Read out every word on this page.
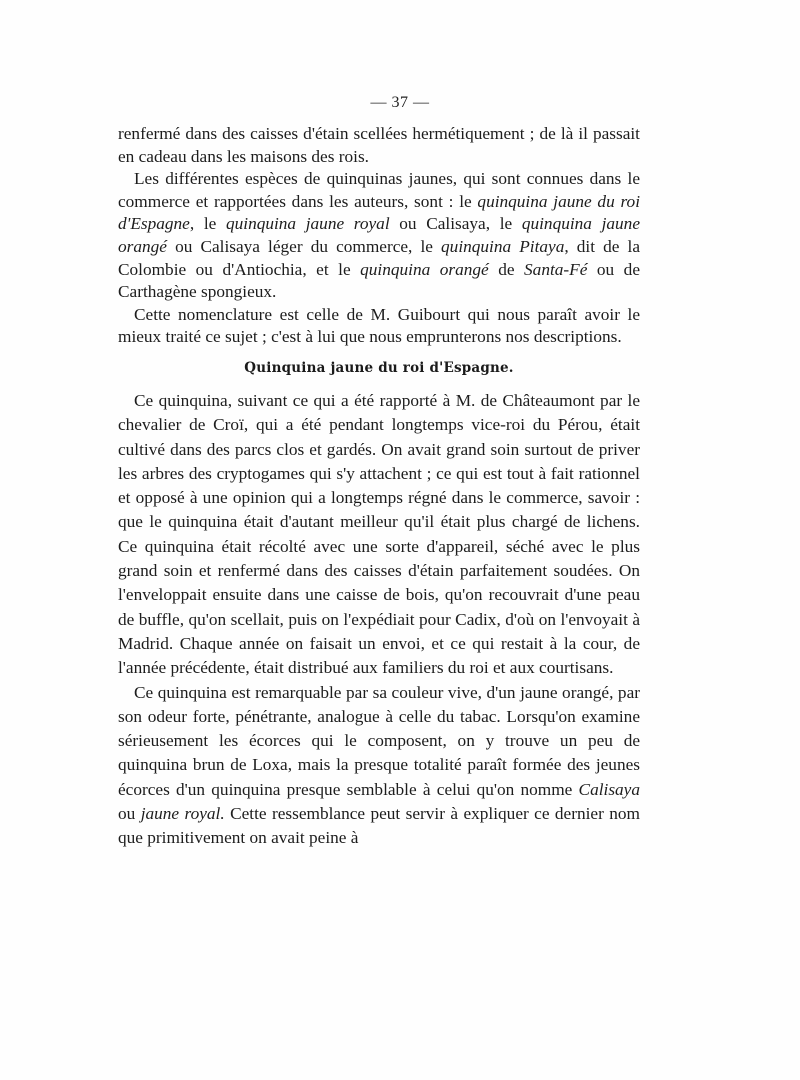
— 37 —

renfermé dans des caisses d'étain scellées hermétiquement ; de là il passait en cadeau dans les maisons des rois.

Les différentes espèces de quinquinas jaunes, qui sont connues dans le commerce et rapportées dans les auteurs, sont : le quinquina jaune du roi d'Espagne, le quinquina jaune royal ou Calisaya, le quinquina jaune orangé ou Calisaya léger du commerce, le quinquina Pitaya, dit de la Colombie ou d'Antiochia, et le quinquina orangé de Santa-Fé ou de Carthagène spongieux.

Cette nomenclature est celle de M. Guibourt qui nous paraît avoir le mieux traité ce sujet ; c'est à lui que nous emprunterons nos descriptions.

Quinquina jaune du roi d'Espagne.

Ce quinquina, suivant ce qui a été rapporté à M. de Châteaumont par le chevalier de Croï, qui a été pendant longtemps vice-roi du Pérou, était cultivé dans des parcs clos et gardés. On avait grand soin surtout de priver les arbres des cryptogames qui s'y attachent ; ce qui est tout à fait rationnel et opposé à une opinion qui a longtemps régné dans le commerce, savoir : que le quinquina était d'autant meilleur qu'il était plus chargé de lichens. Ce quinquina était récolté avec une sorte d'appareil, séché avec le plus grand soin et renfermé dans des caisses d'étain parfaitement soudées. On l'enveloppait ensuite dans une caisse de bois, qu'on recouvrait d'une peau de buffle, qu'on scellait, puis on l'expédiait pour Cadix, d'où on l'envoyait à Madrid. Chaque année on faisait un envoi, et ce qui restait à la cour, de l'année précédente, était distribué aux familiers du roi et aux courtisans.

Ce quinquina est remarquable par sa couleur vive, d'un jaune orangé, par son odeur forte, pénétrante, analogue à celle du tabac. Lorsqu'on examine sérieusement les écorces qui le composent, on y trouve un peu de quinquina brun de Loxa, mais la presque totalité paraît formée des jeunes écorces d'un quinquina presque semblable à celui qu'on nomme Calisaya ou jaune royal. Cette ressemblance peut servir à expliquer ce dernier nom que primitivement on avait peine à
